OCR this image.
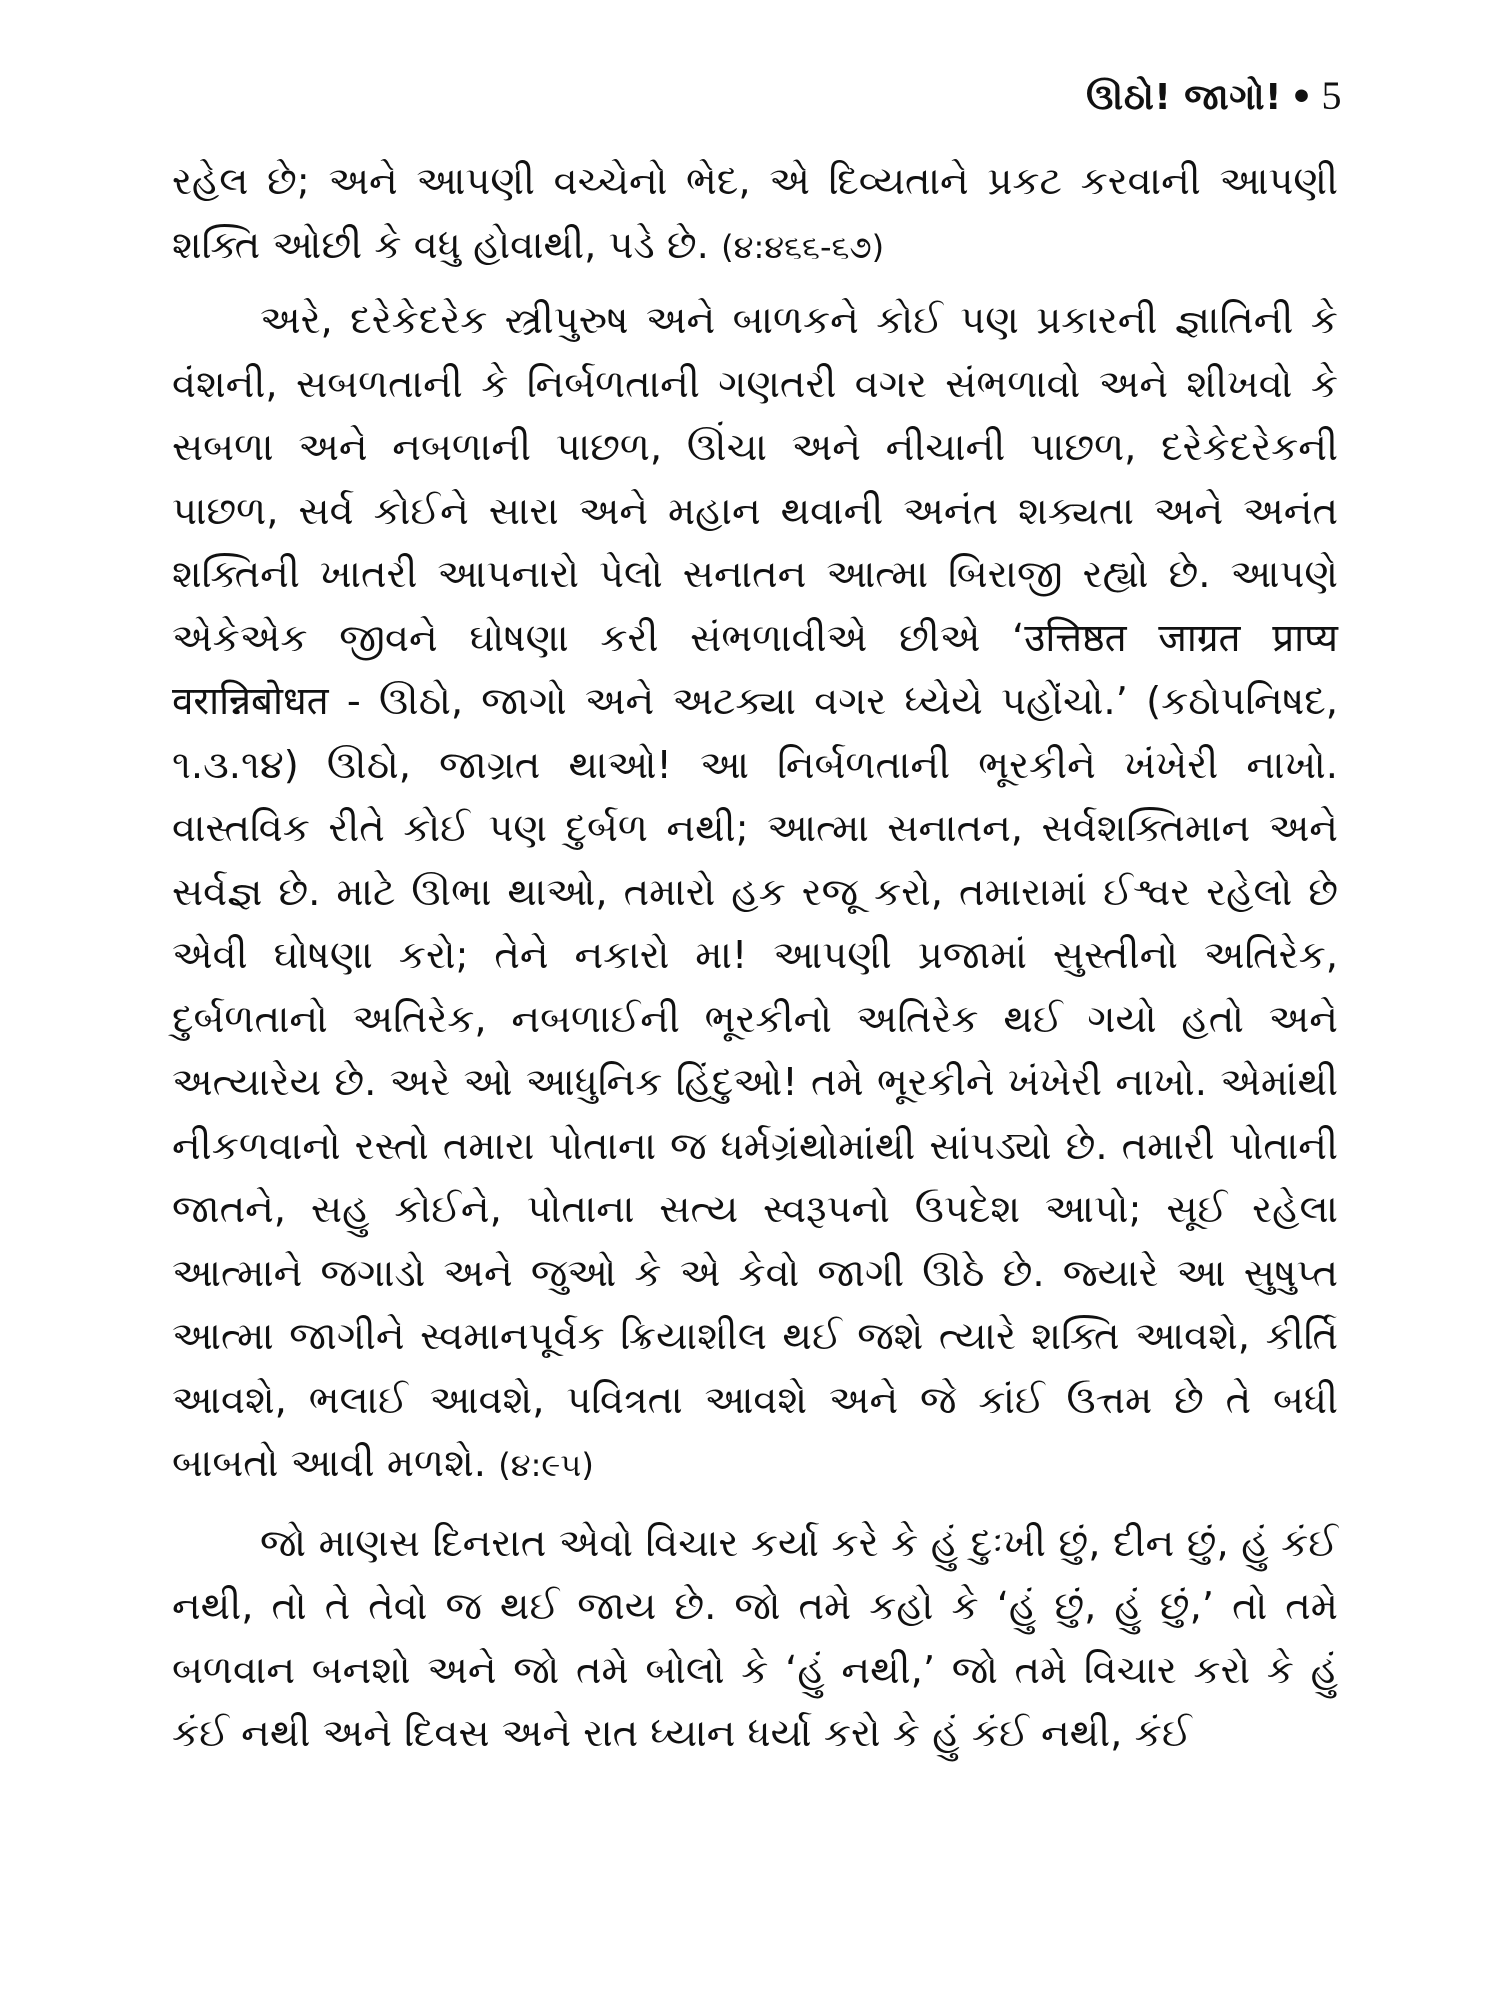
ઊઠો! જાગો! • 5

રહેલ છે; અને આપણી વચ્ચેનો ભેદ, એ દિવ્યતાને પ્રકટ કરવાની આપણી શક્તિ ઓછી કે વધુ હોવાથી, પડે છે. (૪:૪૬૬-૬૭)

અરે, દરેકેદરેક સ્ત્રીપુરુષ અને બાળકને કોઈ પણ પ્રકારની જ્ઞાતિની કે વંશની, સબળતાની કે નિર્બળતાની ગણતરી વગર સંભળાવો અને શીખવો કે સબળા અને નબળાની પાછળ, ઊંચા અને નીચાની પાછળ, દરેકેદરેકની પાછળ, સર્વ કોઈને સારા અને મહાન થવાની અનંત શક્યતા અને અનંત શક્તિની ખાતરી આપનારો પેલો સનાતન આત્મા બિરાજી રહ્યો છે. આપણે એકેએક જીવને ઘોષણા કરી સંભળાવીએ છીએ ‘उत्तिष्ठत जाग्रत प्राप्य वरान्निबोधत - ઊઠો, જાગો અને અટક્યા વગર ધ્યેયે પહોંચો.’ (કઠોપનિષદ, ૧.૩.૧૪) ઊઠો, જાગ્રત થાઓ! આ નિર્બળતાની ભૂરકીને ખંખેરી નાખો. વાસ્તવિક રીતે કોઈ પણ દુર્બળ નથી; આત્મા સનાતન, સર્વશક્તિમાન અને સર્વજ્ઞ છે. માટે ઊભા થાઓ, તમારો હક રજૂ કરો, તમારામાં ઈશ્વર રહેલો છે એવી ઘોષણા કરો; તેને નકારો મા! આપણી પ્રજામાં સુસ્તીનો અતિરેક, દુર્બળતાનો અતિરેક, નબળાઈની ભૂરકીનો અતિરેક થઈ ગયો હતો અને અત્યારેય છે. અરે ઓ આધુનિક હિંદુઓ! તમે ભૂરકીને ખંખેરી નાખો. એમાંથી નીકળવાનો રસ્તો તમારા પોતાના જ ધર્મગ્રંથોમાંથી સાંપડ્યો છે. તમારી પોતાની જાતને, સહુ કોઈને, પોતાના સત્ય સ્વરૂપનો ઉપદેશ આપો; સૂઈ રહેલા આત્માને જગાડો અને જુઓ કે એ કેવો જાગી ઊઠે છે. જ્યારે આ સુષુપ્ત આત્મા જાગીને સ્વમાનપૂર્વક ક્રિયાશીલ થઈ જશે ત્યારે શક્તિ આવશે, કીર્તિ આવશે, ભલાઈ આવશે, પવિત્રતા આવશે અને જે કાંઈ ઉત્તમ છે તે બધી બાબતો આવી મળશે. (૪:૯૫)

જો માણસ દિનરાત એવો વિચાર કર્યા કરે કે હું દુઃખી છું, દીન છું, હું કંઈ નથી, તો તે તેવો જ થઈ જાય છે. જો તમે કહો કે ‘હું છું, હું છું,’ તો તમે બળવાન બનશો અને જો તમે બોલો કે ‘હું નથી,’ જો તમે વિચાર કરો કે હું કંઈ નથી અને દિવસ અને રાત ધ્યાન ધર્યા કરો કે હું કંઈ નથી, કંઈ
